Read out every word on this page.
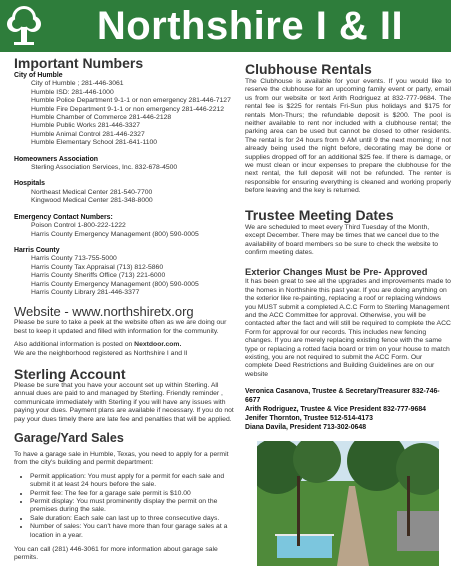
Northshire I & II
Important Numbers

City of Humble

City of Humble ; 281-446-3061

Humble ISD: 281-446-1000

Humble Police Department 9-1-1 or non emergency 281-446-7127

Humble Fire Department 9-1-1 or non emergency 281-446-2212

Humble Chamber of Commerce 281-446-2128

Humble Public Works 281-446-3327

Humble Animal Control 281-446-2327

Humble Elementary School 281-641-1100

Homeowners Association

Sterling Association Services, Inc. 832-678-4500

Hospitals

Northeast Medical Center 281-540-7700

Kingwood Medical Center 281-348-8000

Emergency Contact Numbers:

Poison Control 1-800-222-1222

Harris County Emergency Management (800) 590-0005

Harris County

Harris County 713-755-5000

Harris County Tax Appraisal (713) 812-5860

Harris County Sheriffs Office (713) 221-6000

Harris County Emergency Management (800) 590-0005

Harris County Library 281-446-3377

Website - www.northshiretx.org

Please be sure to take a peek at the website often as we are doing our best to keep it updated and filled with information for the community.

Also additional information is posted on Nextdoor.com.

We are the neighborhood registered as Northshire I and II

Sterling Account

Please be sure that you have your account set up within Sterling. All annual dues are paid to and managed by Sterling. Friendly reminder , communicate immediately with Sterling if you will have any issues with paying your dues. Payment plans are available if necessary. If you do not pay your dues timely there are late fee and penalties that will be applied.

Garage/Yard Sales

To have a garage sale in Humble, Texas, you need to apply for a permit from the city's building and permit department:

• Permit application: You must apply for a permit for each sale and submit it at least 24 hours before the sale.
• Permit fee: The fee for a garage sale permit is $10.00
• Permit display: You must prominently display the permit on the premises during the sale.
• Sale duration: Each sale can last up to three consecutive days.
• Number of sales: You can't have more than four garage sales at a location in a year.

You can call (281) 446-3061 for more information about garage sale permits.

Clubhouse Rentals

The Clubhouse is available for your events. If you would like to reserve the clubhouse for an upcoming family event or party, email us from our website or text Arith Rodriguez at 832-777-9684. The rental fee is $225 for rentals Fri-Sun plus holidays and $175 for rentals Mon-Thurs; the refundable deposit is $200. The pool is neither available to rent nor included with a clubhouse rental; the parking area can be used but cannot be closed to other residents. The rental is for 24 hours from 9 AM until 9 the next morning; if not already being used the night before, decorating may be done or supplies dropped off for an additional $25 fee. If there is damage, or we must clean or incur expenses to prepare the clubhouse for the next rental, the full deposit will not be refunded. The renter is responsible for ensuring everything is cleaned and working properly before leaving and the key is returned.

Trustee Meeting Dates

We are scheduled to meet every Third Tuesday of the Month, except December. There may be times that we cancel due to the availability of board members so be sure to check the website to confirm meeting dates.

Exterior Changes Must be Pre- Approved

It has been great to see all the upgrades and improvements made to the homes in Northshire this past year. If you are doing anything on the exterior like re-painting, replacing a roof or replacing windows you MUST submit a completed A.C.C Form to Sterling Management and the ACC Committee for approval. Otherwise, you will be contacted after the fact and will still be required to complete the ACC Form for approval for our records. This includes new fencing changes. If you are merely replacing existing fence with the same type or replacing a rotted facia board or trim on your house to match existing, you are not required to submit the ACC Form. Our complete Deed Restrictions and Building Guidelines are on our website

Veronica Casanova, Trustee & Secretary/Treasurer 832-746-6677

Arith Rodriguez, Trustee & Vice President 832-777-9684

Jenifer Thornton, Trustee 512-514-4173

Diana Davila, President 713-302-0648
